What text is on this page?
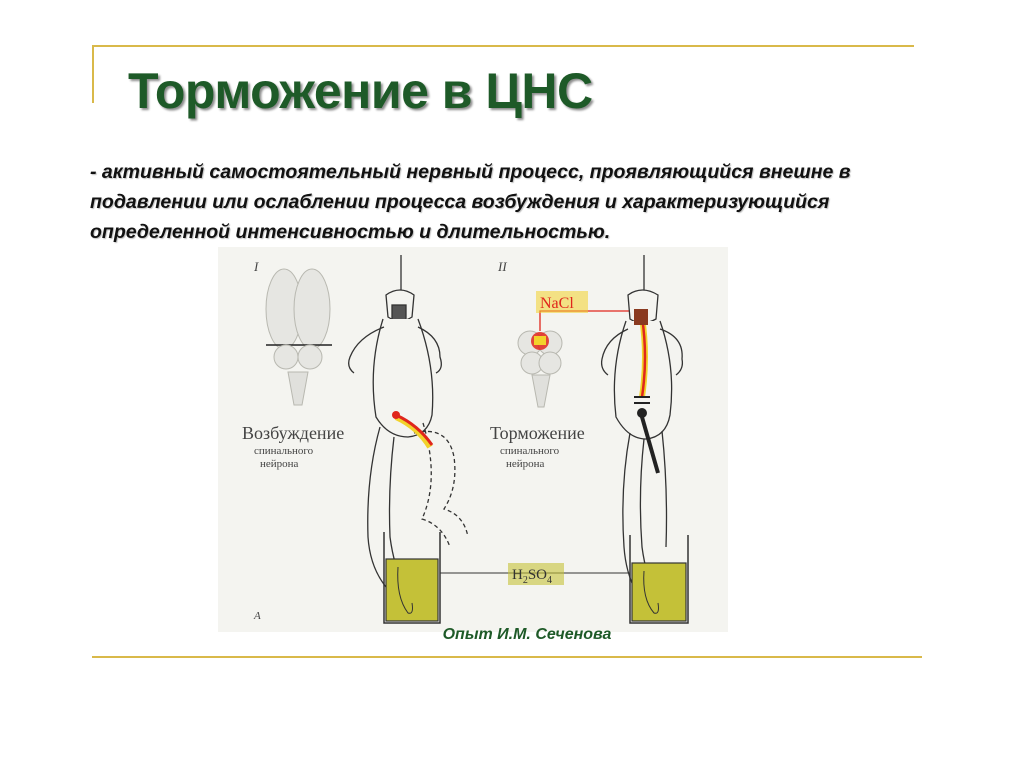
Торможение в ЦНС
- активный самостоятельный нервный процесс, проявляющийся внешне в подавлении или ослаблении процесса возбуждения и характеризующийся определенной интенсивностью и длительностью.
I	II
А
Возбуждение
спинального
нейрона
NaCl
Торможение
спинального
нейрона
$H_2SO_4$
Опыт И.М. Сеченова
